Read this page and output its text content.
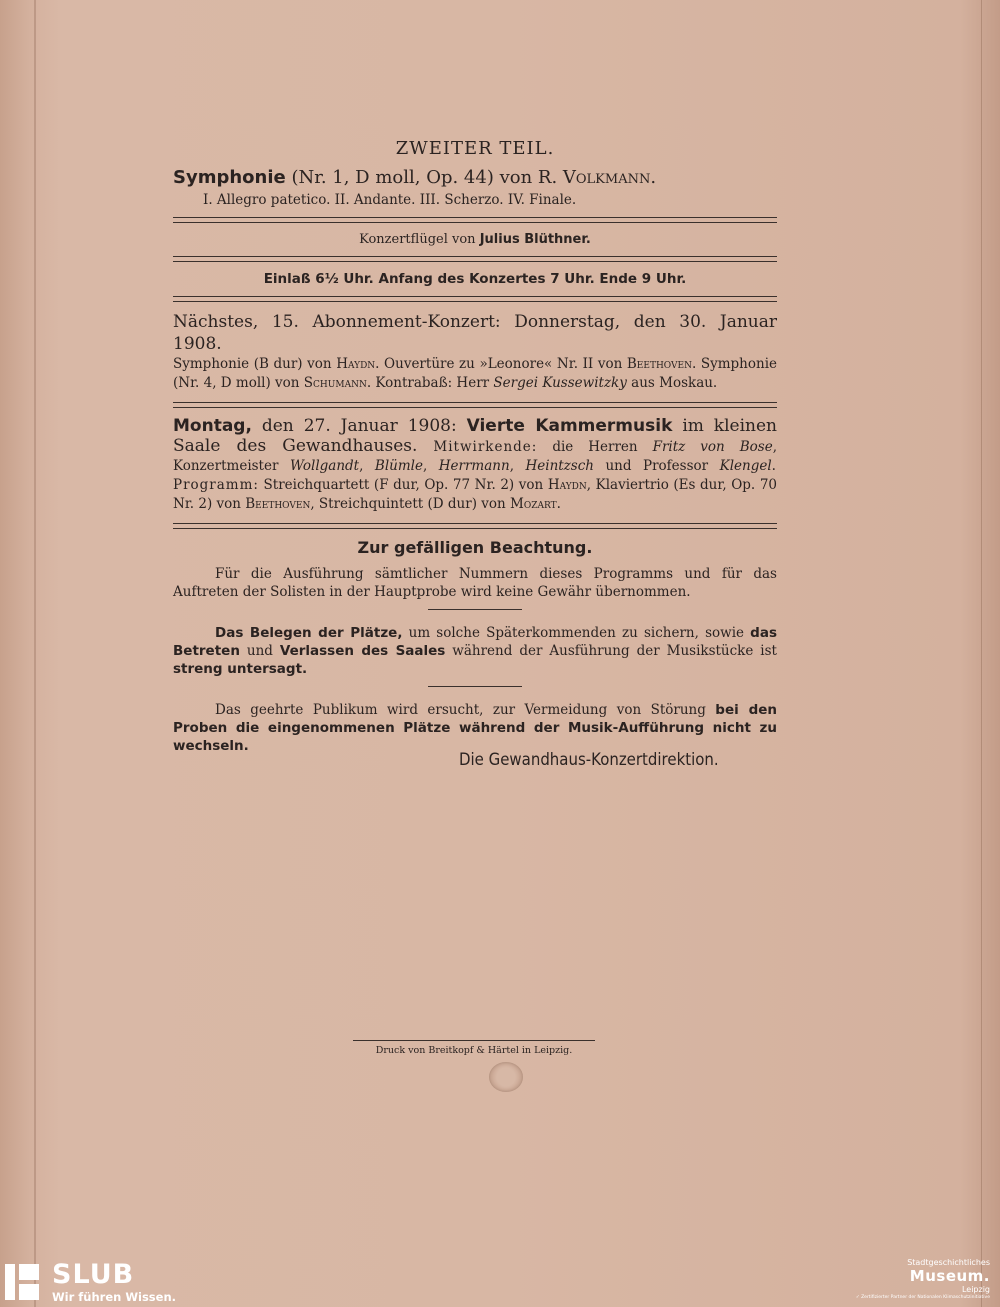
ZWEITER TEIL.
Symphonie (Nr. 1, D moll, Op. 44) von R. Volkmann.
I. Allegro patetico. II. Andante. III. Scherzo. IV. Finale.
Konzertflügel von Julius Blüthner.
Einlaß 6½ Uhr. Anfang des Konzertes 7 Uhr. Ende 9 Uhr.
Nächstes, 15. Abonnement-Konzert: Donnerstag, den 30. Januar 1908.
Symphonie (B dur) von Haydn. Ouvertüre zu »Leonore« Nr. II von Beethoven. Symphonie (Nr. 4, D moll) von Schumann. Kontrabaß: Herr Sergei Kussewitzky aus Moskau.
Montag, den 27. Januar 1908: Vierte Kammermusik im kleinen Saale des Gewandhauses. Mitwirkende: die Herren Fritz von Bose, Konzertmeister Wollgandt, Blümle, Herrmann, Heintzsch und Professor Klengel. Programm: Streichquartett (F dur, Op. 77 Nr. 2) von Haydn, Klaviertrio (Es dur, Op. 70 Nr. 2) von Beethoven, Streichquintett (D dur) von Mozart.
Zur gefälligen Beachtung.
Für die Ausführung sämtlicher Nummern dieses Programms und für das Auftreten der Solisten in der Hauptprobe wird keine Gewähr übernommen.
Das Belegen der Plätze, um solche Späterkommenden zu sichern, sowie das Betreten und Verlassen des Saales während der Ausführung der Musikstücke ist streng untersagt.
Das geehrte Publikum wird ersucht, zur Vermeidung von Störung bei den Proben die eingenommenen Plätze während der Musik-Aufführung nicht zu wechseln.
Die Gewandhaus-Konzertdirektion.
Druck von Breitkopf & Härtel in Leipzig.
SLUB
Wir führen Wissen.
Stadtgeschichtliches
Museum.
Leipzig
✓ Zertifizierter Partner der Nationalen Klimaschutzinitiative
